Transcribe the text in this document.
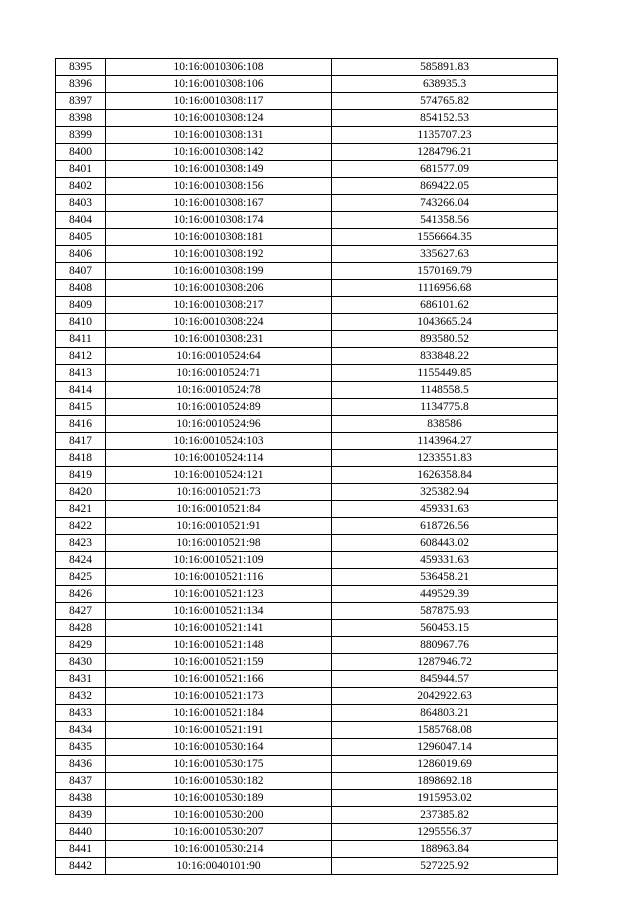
8395	10:16:0010306:108	585891.83
8396	10:16:0010308:106	638935.3
8397	10:16:0010308:117	574765.82
8398	10:16:0010308:124	854152.53
8399	10:16:0010308:131	1135707.23
8400	10:16:0010308:142	1284796.21
8401	10:16:0010308:149	681577.09
8402	10:16:0010308:156	869422.05
8403	10:16:0010308:167	743266.04
8404	10:16:0010308:174	541358.56
8405	10:16:0010308:181	1556664.35
8406	10:16:0010308:192	335627.63
8407	10:16:0010308:199	1570169.79
8408	10:16:0010308:206	1116956.68
8409	10:16:0010308:217	686101.62
8410	10:16:0010308:224	1043665.24
8411	10:16:0010308:231	893580.52
8412	10:16:0010524:64	833848.22
8413	10:16:0010524:71	1155449.85
8414	10:16:0010524:78	1148558.5
8415	10:16:0010524:89	1134775.8
8416	10:16:0010524:96	838586
8417	10:16:0010524:103	1143964.27
8418	10:16:0010524:114	1233551.83
8419	10:16:0010524:121	1626358.84
8420	10:16:0010521:73	325382.94
8421	10:16:0010521:84	459331.63
8422	10:16:0010521:91	618726.56
8423	10:16:0010521:98	608443.02
8424	10:16:0010521:109	459331.63
8425	10:16:0010521:116	536458.21
8426	10:16:0010521:123	449529.39
8427	10:16:0010521:134	587875.93
8428	10:16:0010521:141	560453.15
8429	10:16:0010521:148	880967.76
8430	10:16:0010521:159	1287946.72
8431	10:16:0010521:166	845944.57
8432	10:16:0010521:173	2042922.63
8433	10:16:0010521:184	864803.21
8434	10:16:0010521:191	1585768.08
8435	10:16:0010530:164	1296047.14
8436	10:16:0010530:175	1286019.69
8437	10:16:0010530:182	1898692.18
8438	10:16:0010530:189	1915953.02
8439	10:16:0010530:200	237385.82
8440	10:16:0010530:207	1295556.37
8441	10:16:0010530:214	188963.84
8442	10:16:0040101:90	527225.92
